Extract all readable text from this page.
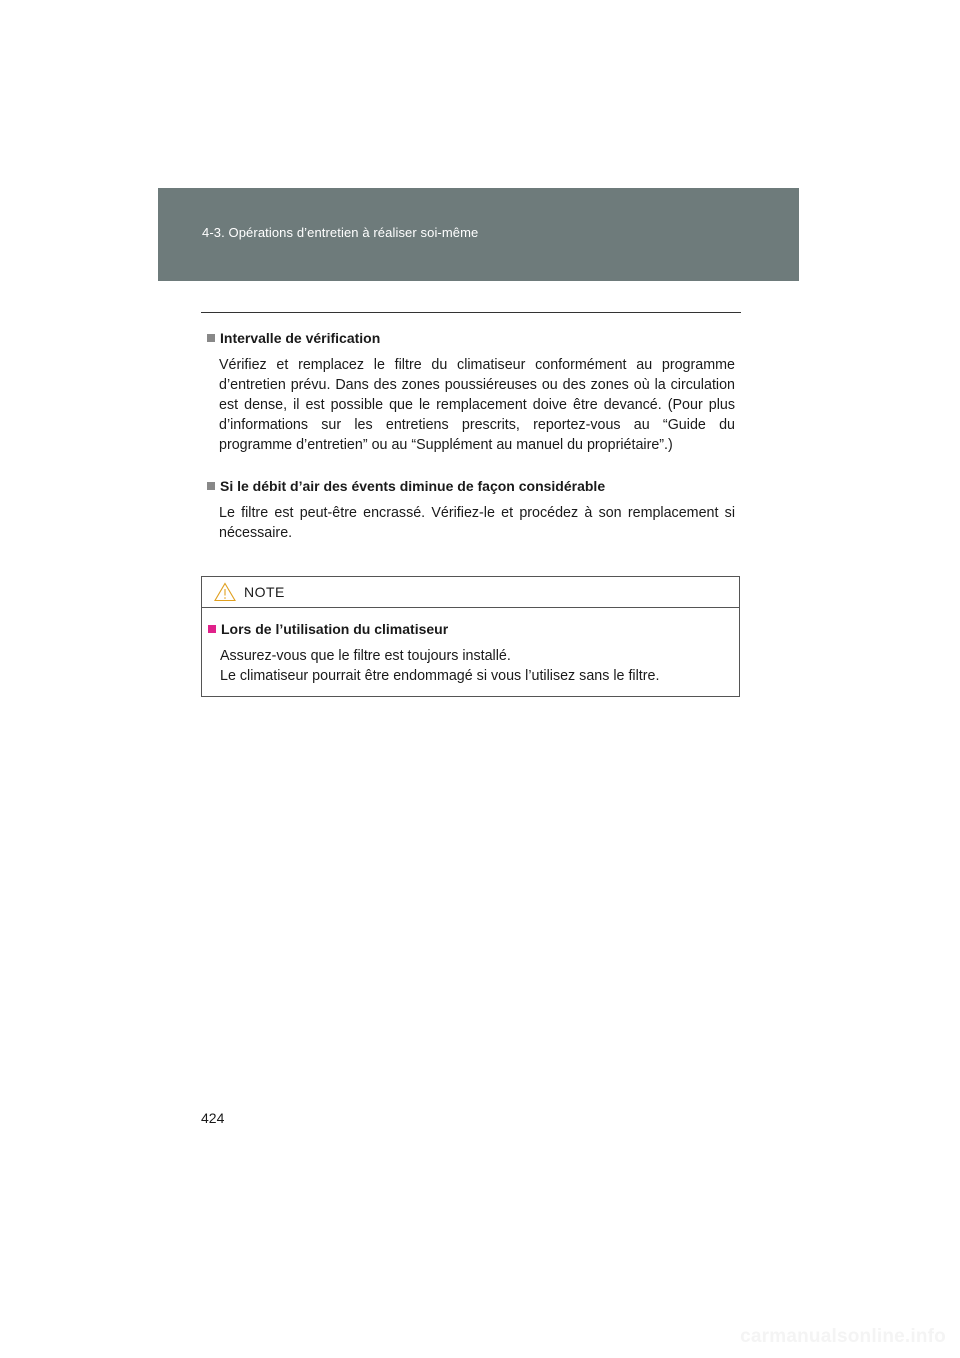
4-3. Opérations d’entretien à réaliser soi-même
Intervalle de vérification
Vérifiez et remplacez le filtre du climatiseur conformément au programme d’entretien prévu. Dans des zones poussiéreuses ou des zones où la circulation est dense, il est possible que le remplacement doive être devancé. (Pour plus d’informations sur les entretiens prescrits, reportez-vous au “Guide du programme d’entretien” ou au “Supplément au manuel du propriétaire”.)
Si le débit d’air des évents diminue de façon considérable
Le filtre est peut-être encrassé. Vérifiez-le et procédez à son remplacement si nécessaire.
NOTE
Lors de l’utilisation du climatiseur
Assurez-vous que le filtre est toujours installé.
Le climatiseur pourrait être endommagé si vous l’utilisez sans le filtre.
424
carmanualsonline.info
